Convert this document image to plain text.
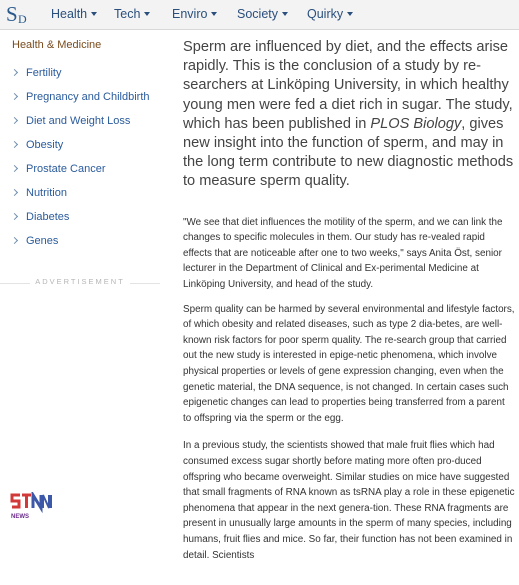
S D Health	Tech	Enviro	Society	Quirky
Health & Medicine
Fertility
Pregnancy and Childbirth
Diet and Weight Loss
Obesity
Prostate Cancer
Nutrition
Diabetes
Genes
ADVERTISEMENT
NEWS

Sperm are influenced by diet, and the effects arise rapidly. This is the conclusion of a study by re-searchers at Linköping University, in which healthy young men were fed a diet rich in sugar. The study, which has been published in PLOS Biology, gives new insight into the function of sperm, and may in the long term contribute to new diagnostic methods to measure sperm quality.

"We see that diet influences the motility of the sperm, and we can link the changes to specific molecules in them. Our study has re-vealed rapid effects that are noticeable after one to two weeks," says Anita Öst, senior lecturer in the Department of Clinical and Ex-perimental Medicine at Linköping University, and head of the study.

Sperm quality can be harmed by several environmental and lifestyle factors, of which obesity and related diseases, such as type 2 dia-betes, are well-known risk factors for poor sperm quality. The re-search group that carried out the new study is interested in epige-netic phenomena, which involve physical properties or levels of gene expression changing, even when the genetic material, the DNA sequence, is not changed. In certain cases such epigenetic changes can lead to properties being transferred from a parent to offspring via the sperm or the egg.

In a previous study, the scientists showed that male fruit flies which had consumed excess sugar shortly before mating more often pro-duced offspring who became overweight. Similar studies on mice have suggested that small fragments of RNA known as tsRNA play a role in these epigenetic phenomena that appear in the next genera-tion. These RNA fragments are present in unusually large amounts in the sperm of many species, including humans, fruit flies and mice. So far, their function has not been examined in detail. Scientists
